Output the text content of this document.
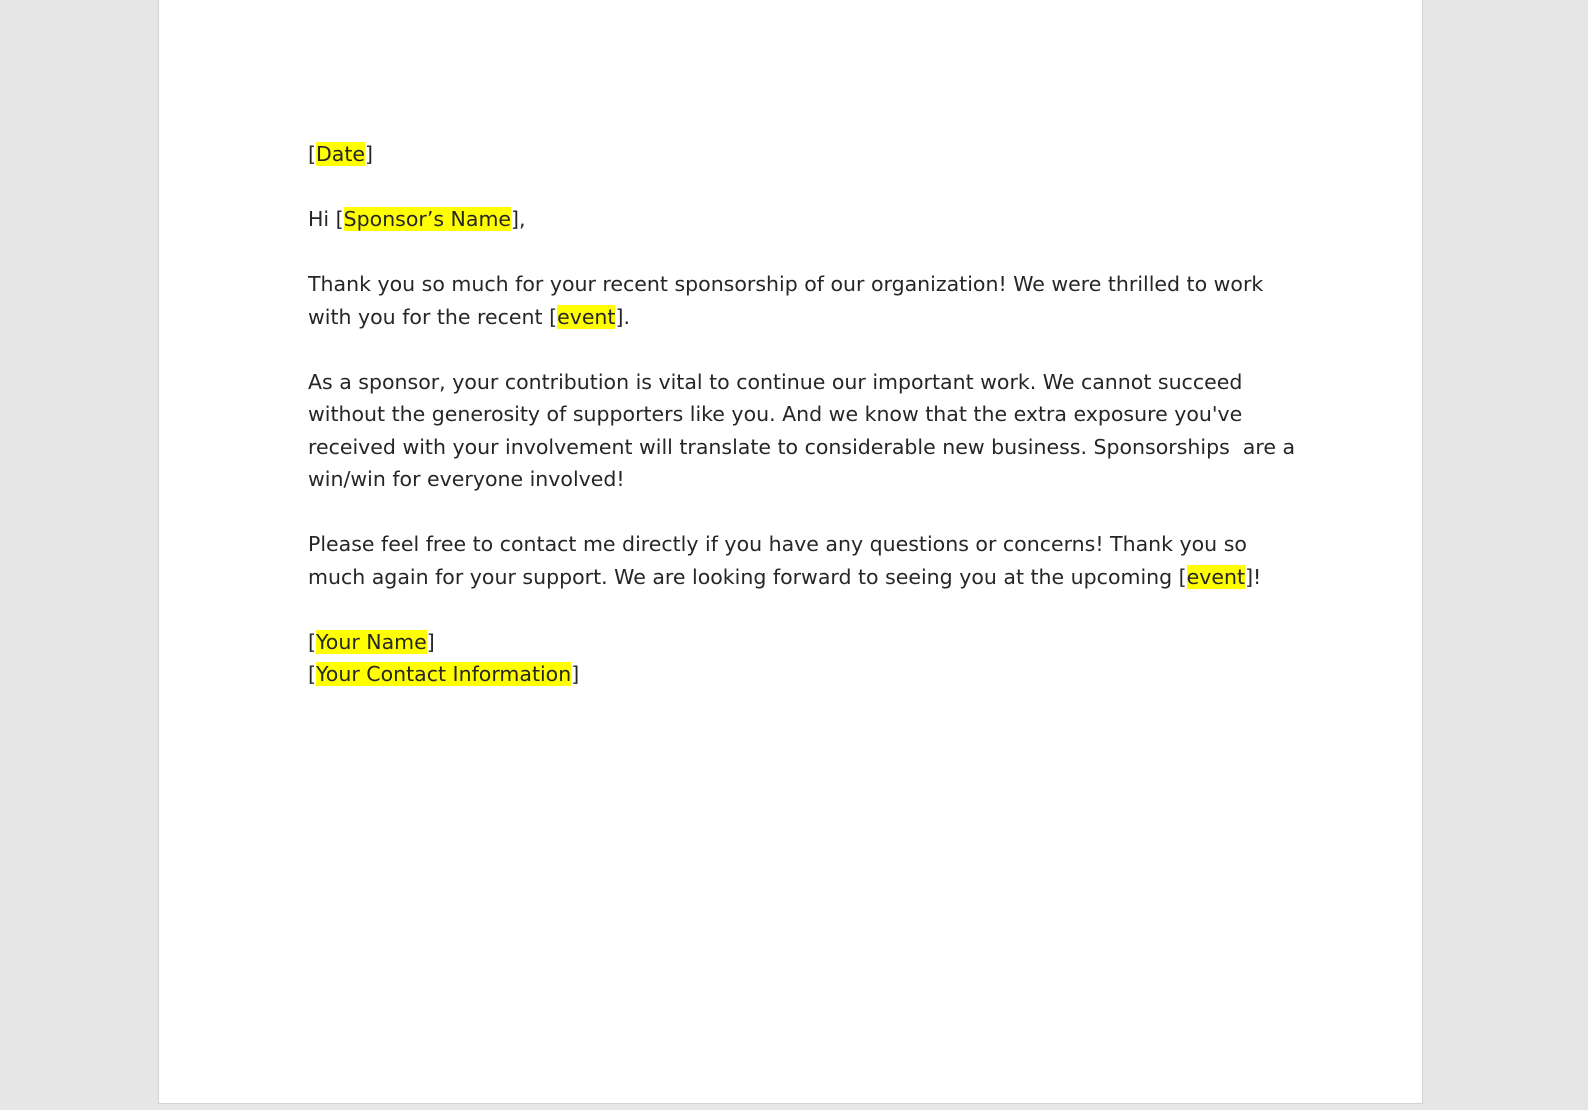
[Date]

Hi [Sponsor’s Name],

Thank you so much for your recent sponsorship of our organization! We were thrilled to work
with you for the recent [event].

As a sponsor, your contribution is vital to continue our important work. We cannot succeed
without the generosity of supporters like you. And we know that the extra exposure you've
received with your involvement will translate to considerable new business. Sponsorships  are a
win/win for everyone involved!

Please feel free to contact me directly if you have any questions or concerns! Thank you so
much again for your support. We are looking forward to seeing you at the upcoming [event]!

[Your Name]
[Your Contact Information]
